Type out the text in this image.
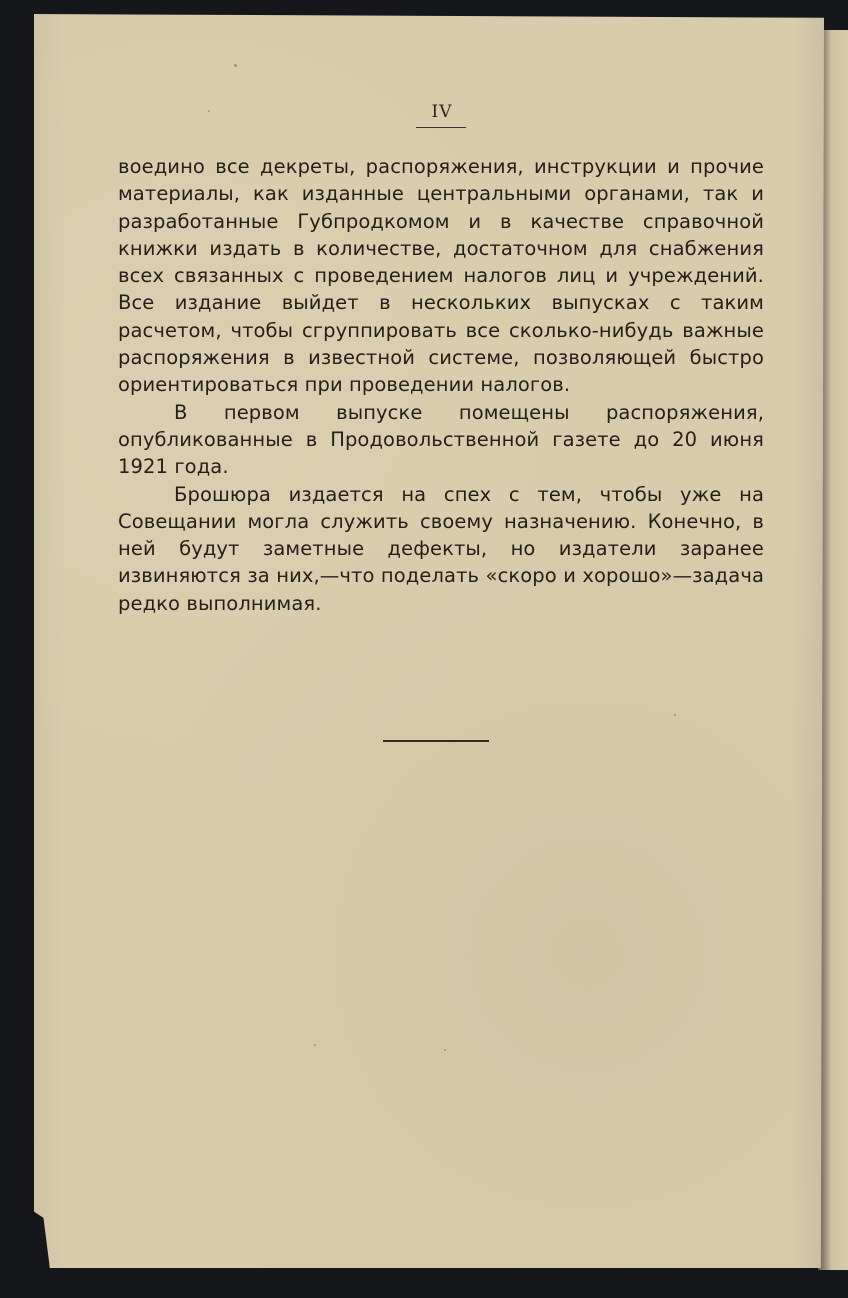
IV

воединo все декреты, распоряжения, инструкции и прочие материалы, как изданные центральными органами, так и разработанные Губпродкомом и в качестве справочной книжки издать в количестве, достаточном для снабжения всех связанных с проведением налогов лиц и учреждений. Все издание выйдет в нескольких выпусках с таким расчетом, чтобы сгруппировать все сколько-нибудь важные распоряжения в известной системе, позволяющей быстро ориентироваться при проведении налогов.

В первом выпуске помещены распоряжения, опубликованные в Продовольственной газете до 20 июня 1921 года.

Брошюра издается на спех с тем, чтобы уже на Совещании могла служить своему назначению. Конечно, в ней будут заметные дефекты, но издатели заранее извиняются за них,—что поделать «скоро и хорошо»—задача редко выполнимая.
